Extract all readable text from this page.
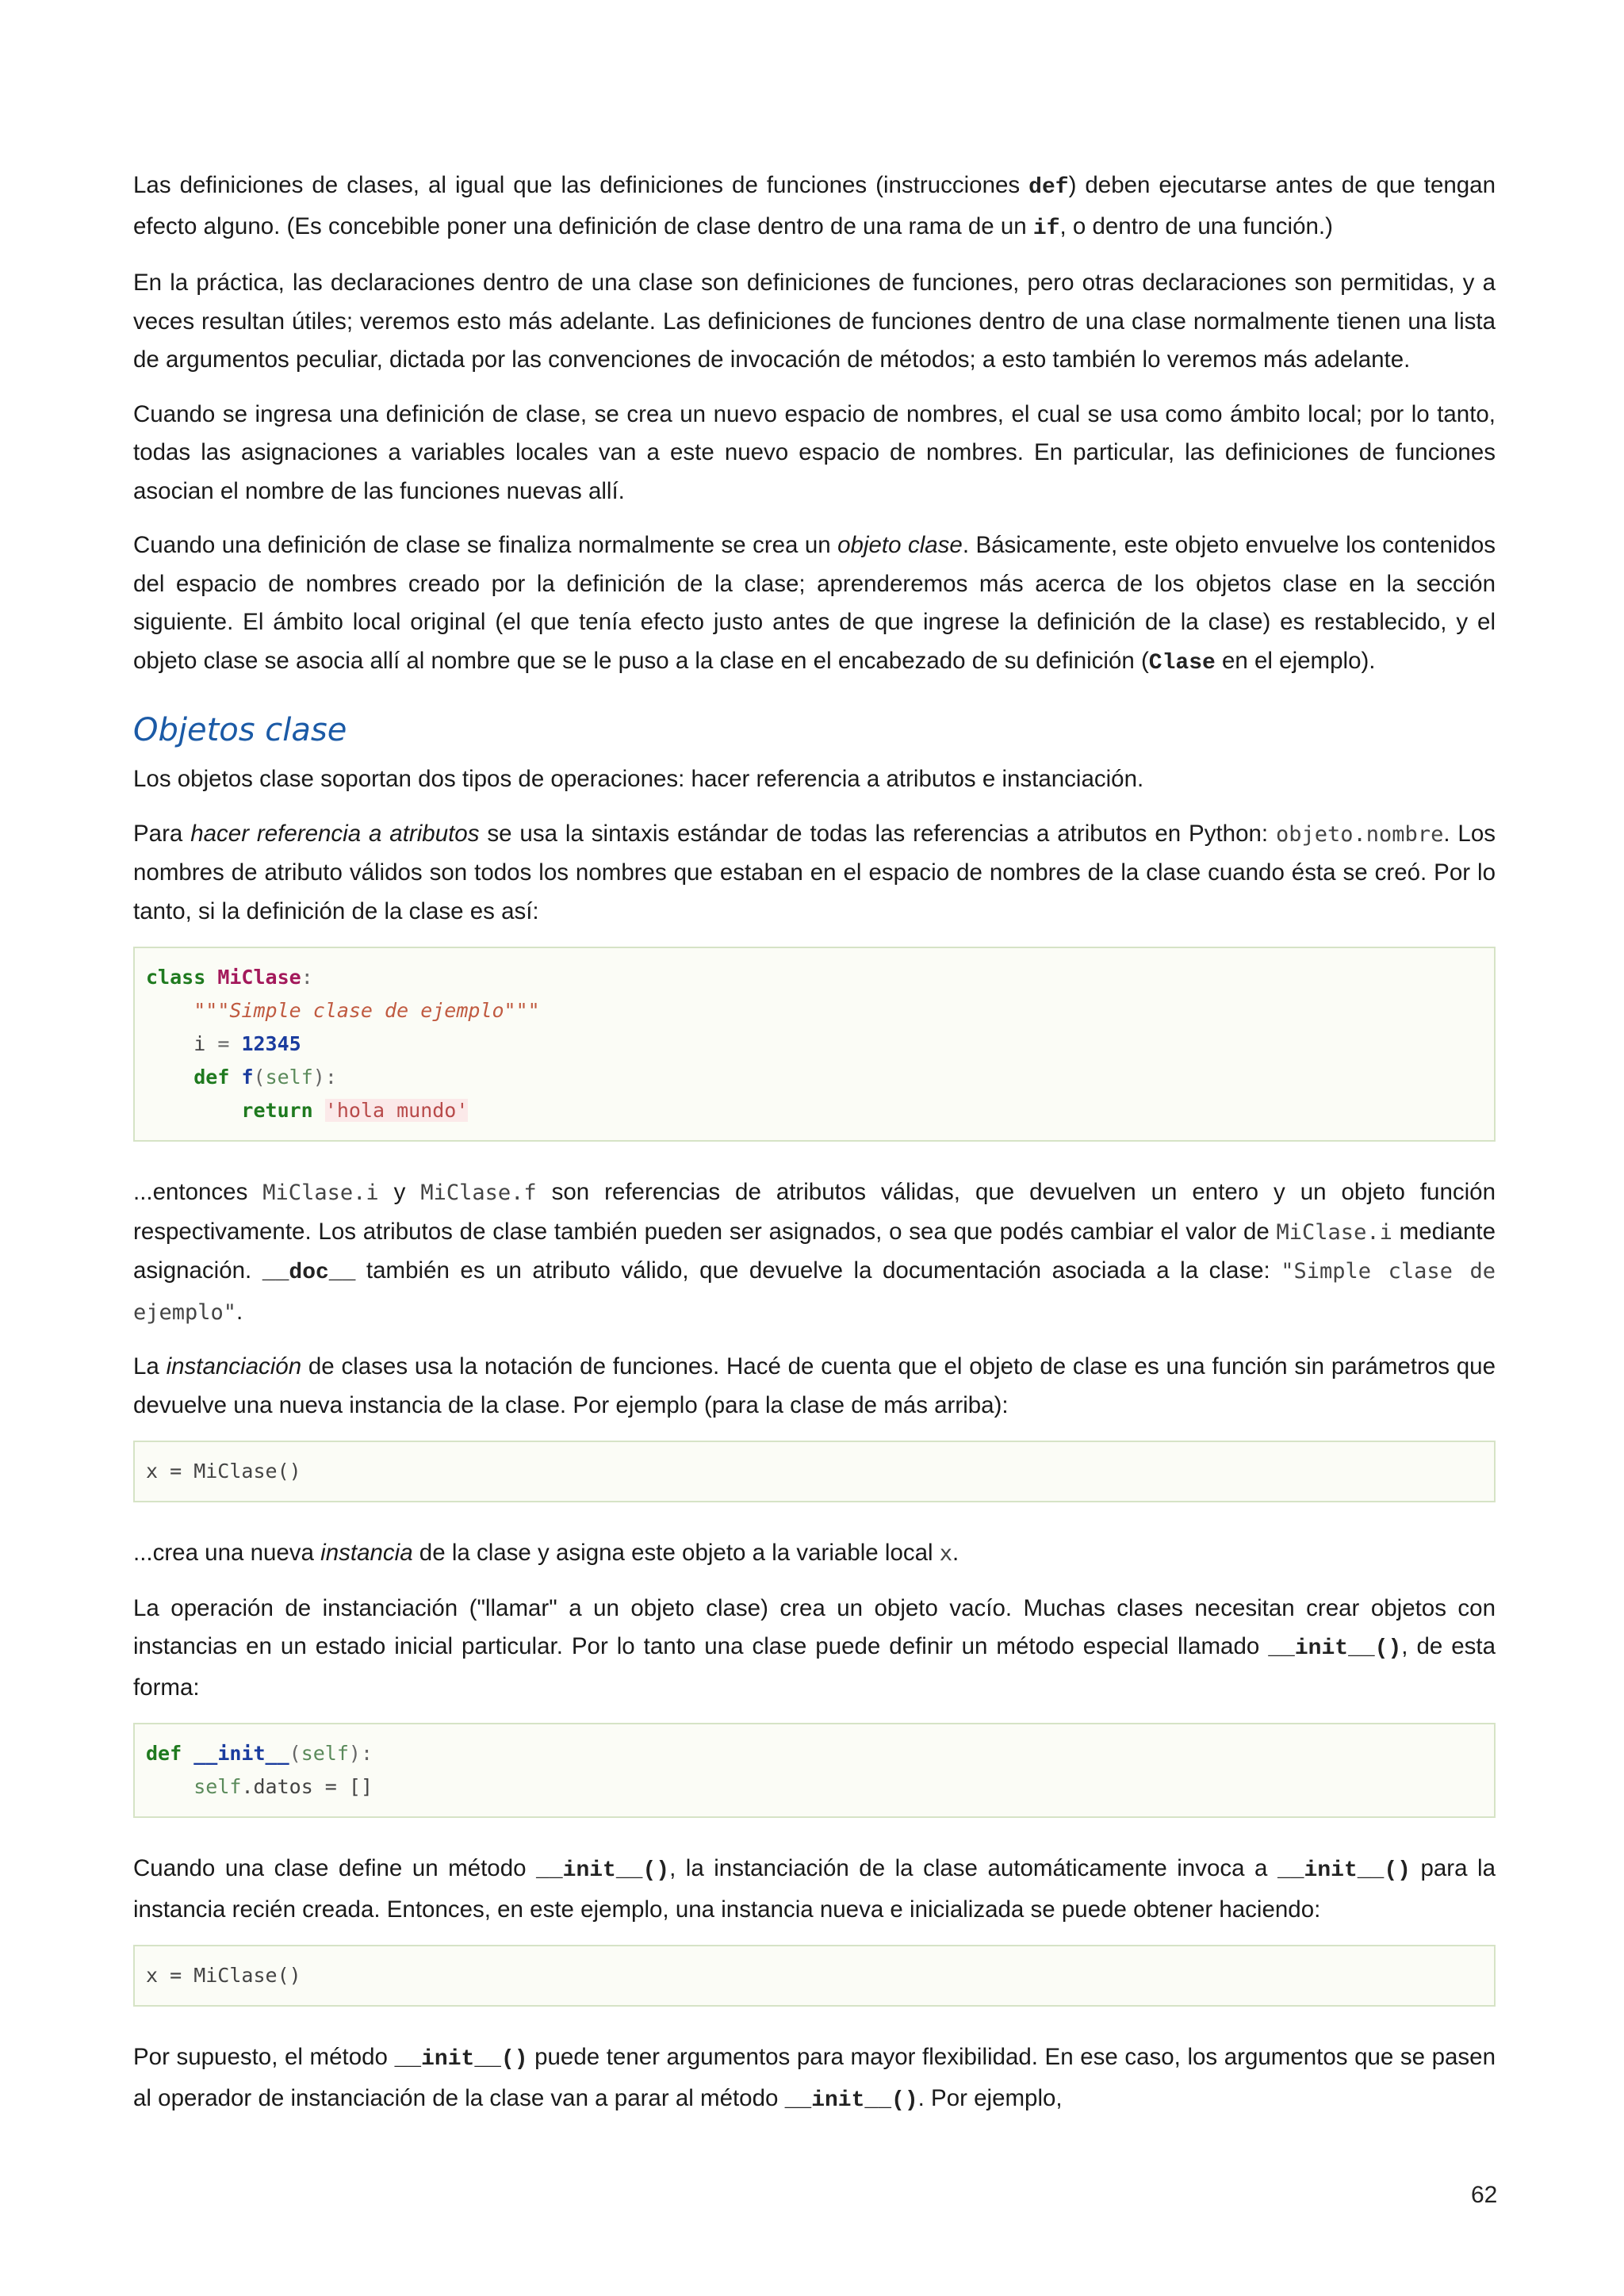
Las definiciones de clases, al igual que las definiciones de funciones (instrucciones def) deben ejecutarse antes de que tengan efecto alguno. (Es concebible poner una definición de clase dentro de una rama de un if, o dentro de una función.)

En la práctica, las declaraciones dentro de una clase son definiciones de funciones, pero otras declaraciones son permitidas, y a veces resultan útiles; veremos esto más adelante. Las definiciones de funciones dentro de una clase normalmente tienen una lista de argumentos peculiar, dictada por las convenciones de invocación de métodos; a esto también lo veremos más adelante.

Cuando se ingresa una definición de clase, se crea un nuevo espacio de nombres, el cual se usa como ámbito local; por lo tanto, todas las asignaciones a variables locales van a este nuevo espacio de nombres. En particular, las definiciones de funciones asocian el nombre de las funciones nuevas allí.

Cuando una definición de clase se finaliza normalmente se crea un objeto clase. Básicamente, este objeto envuelve los contenidos del espacio de nombres creado por la definición de la clase; aprenderemos más acerca de los objetos clase en la sección siguiente. El ámbito local original (el que tenía efecto justo antes de que ingrese la definición de la clase) es restablecido, y el objeto clase se asocia allí al nombre que se le puso a la clase en el encabezado de su definición (Clase en el ejemplo).

Objetos clase

Los objetos clase soportan dos tipos de operaciones: hacer referencia a atributos e instanciación.

Para hacer referencia a atributos se usa la sintaxis estándar de todas las referencias a atributos en Python: objeto.nombre. Los nombres de atributo válidos son todos los nombres que estaban en el espacio de nombres de la clase cuando ésta se creó. Por lo tanto, si la definición de la clase es así:

class MiClase:
"""Simple clase de ejemplo"""
i = 12345
def f(self):
return 'hola mundo'

...entonces MiClase.i y MiClase.f son referencias de atributos válidas, que devuelven un entero y un objeto función respectivamente. Los atributos de clase también pueden ser asignados, o sea que podés cambiar el valor de MiClase.i mediante asignación. __doc__ también es un atributo válido, que devuelve la documentación asociada a la clase: "Simple clase de ejemplo".

La instanciación de clases usa la notación de funciones. Hacé de cuenta que el objeto de clase es una función sin parámetros que devuelve una nueva instancia de la clase. Por ejemplo (para la clase de más arriba):

x = MiClase()

...crea una nueva instancia de la clase y asigna este objeto a la variable local x.

La operación de instanciación ("llamar" a un objeto clase) crea un objeto vacío. Muchas clases necesitan crear objetos con instancias en un estado inicial particular. Por lo tanto una clase puede definir un método especial llamado __init__(), de esta forma:

def __init__(self):
self.datos = []

Cuando una clase define un método __init__(), la instanciación de la clase automáticamente invoca a __init__() para la instancia recién creada. Entonces, en este ejemplo, una instancia nueva e inicializada se puede obtener haciendo:

x = MiClase()

Por supuesto, el método __init__() puede tener argumentos para mayor flexibilidad. En ese caso, los argumentos que se pasen al operador de instanciación de la clase van a parar al método __init__(). Por ejemplo,

62
